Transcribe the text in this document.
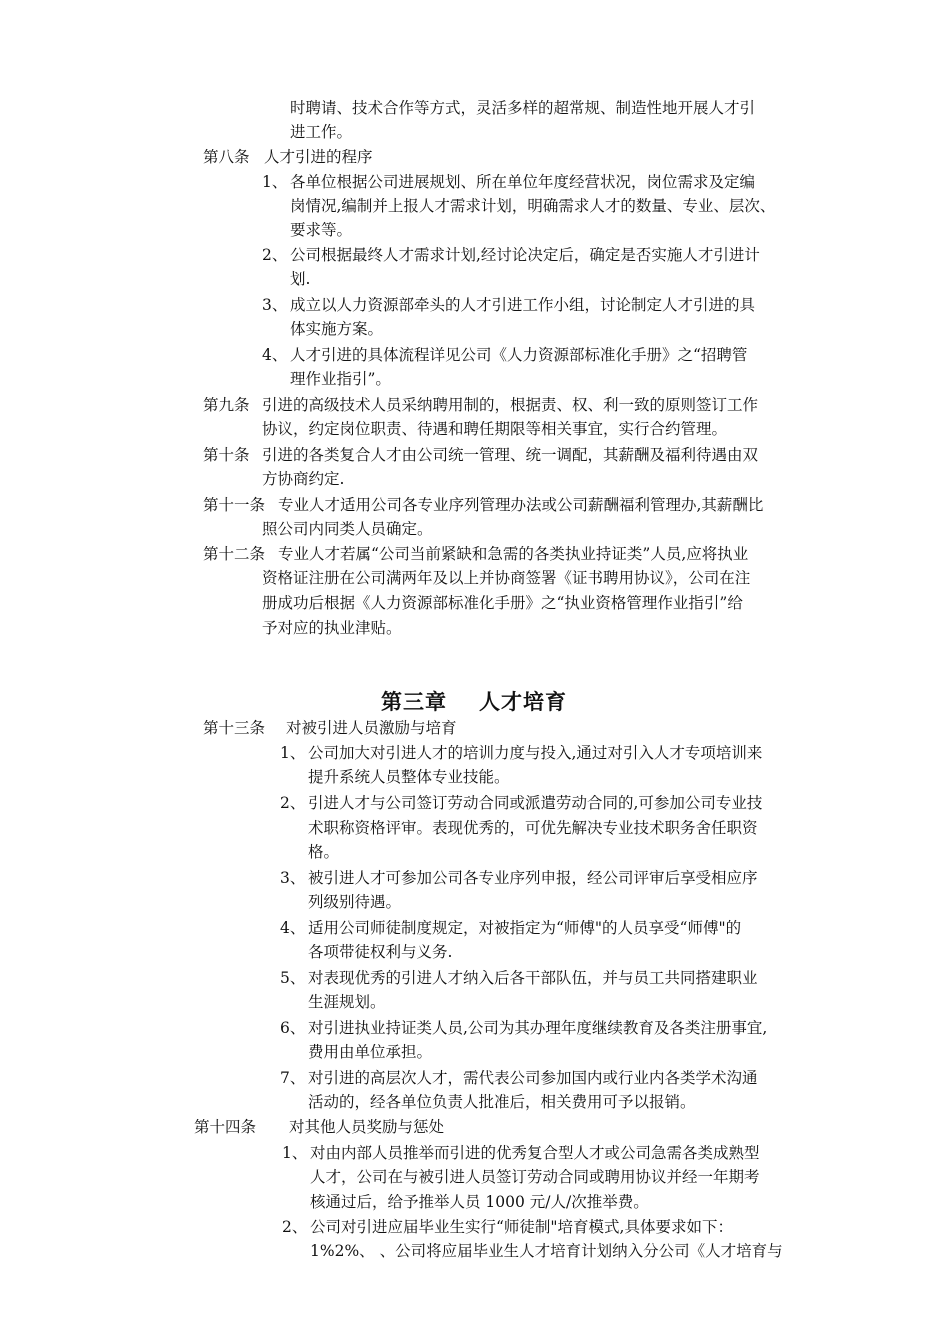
时聘请、技术合作等方式，灵活多样的超常规、制造性地开展人才引
进工作。
第八条 人才引进的程序
1、 各单位根据公司进展规划、所在单位年度经营状况，岗位需求及定编
岗情况,编制并上报人才需求计划，明确需求人才的数量、专业、层次、
要求等。
2、 公司根据最终人才需求计划,经讨论决定后，确定是否实施人才引进计
划.
3、 成立以人力资源部牵头的人才引进工作小组，讨论制定人才引进的具
体实施方案。
4、 人才引进的具体流程详见公司《人力资源部标准化手册》之“招聘管
理作业指引”。
第九条 引进的高级技术人员采纳聘用制的，根据责、权、利一致的原则签订工作
协议，约定岗位职责、待遇和聘任期限等相关事宜，实行合约管理。
第十条 引进的各类复合人才由公司统一管理、统一调配，其薪酬及福利待遇由双
方协商约定.
第十一条 专业人才适用公司各专业序列管理办法或公司薪酬福利管理办,其薪酬比
照公司内同类人员确定。
第十二条 专业人才若属“公司当前紧缺和急需的各类执业持证类”人员,应将执业
资格证注册在公司满两年及以上并协商签署《证书聘用协议》，公司在注
册成功后根据《人力资源部标准化手册》之“执业资格管理作业指引”给
予对应的执业津贴。
第三章 人才培育
第十三条 对被引进人员激励与培育
1、 公司加大对引进人才的培训力度与投入,通过对引入人才专项培训来
提升系统人员整体专业技能。
2、 引进人才与公司签订劳动合同或派遣劳动合同的,可参加公司专业技
术职称资格评审。表现优秀的，可优先解决专业技术职务舍任职资
格。
3、 被引进人才可参加公司各专业序列申报，经公司评审后享受相应序
列级别待遇。
4、 适用公司师徒制度规定，对被指定为“师傅"的人员享受“师傅"的
各项带徒权利与义务.
5、 对表现优秀的引进人才纳入后各干部队伍，并与员工共同搭建职业
生涯规划。
6、 对引进执业持证类人员,公司为其办理年度继续教育及各类注册事宜,
费用由单位承担。
7、 对引进的高层次人才，需代表公司参加国内或行业内各类学术沟通
活动的，经各单位负责人批准后，相关费用可予以报销。
第十四条 对其他人员奖励与惩处
1、 对由内部人员推举而引进的优秀复合型人才或公司急需各类成熟型
人才，公司在与被引进人员签订劳动合同或聘用协议并经一年期考
核通过后，给予推举人员 1000 元/人/次推举费。
2、 公司对引进应届毕业生实行“师徒制"培育模式,具体要求如下：
1%2%、 、公司将应届毕业生人才培育计划纳入分公司《人才培育与
